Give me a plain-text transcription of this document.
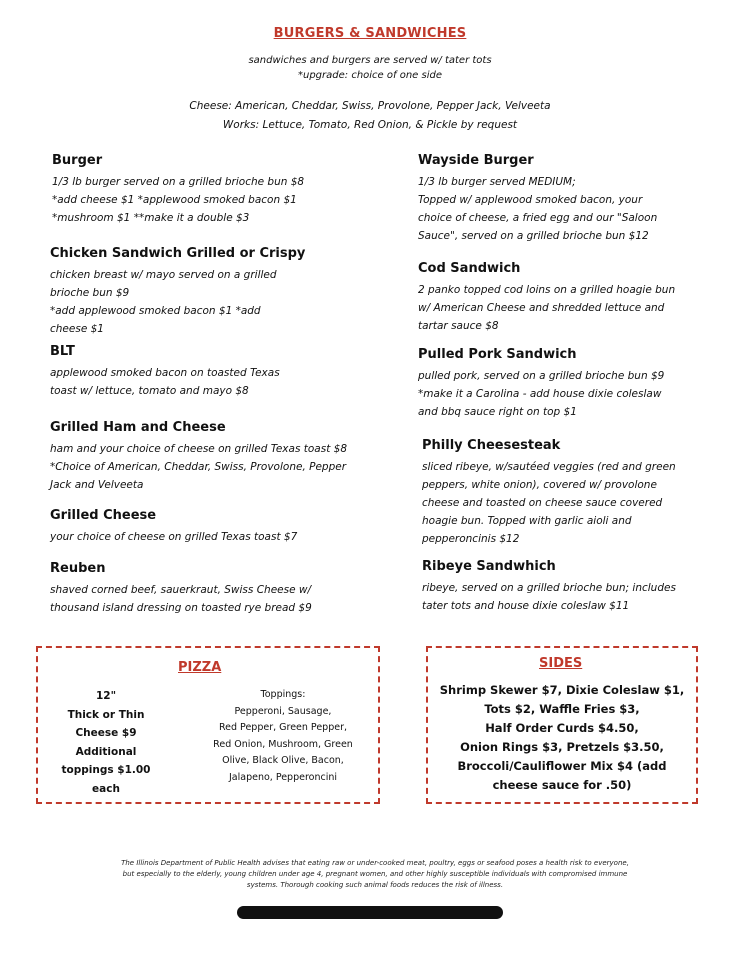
BURGERS & SANDWICHES
sandwiches and burgers are served w/ tater tots
*upgrade: choice of one side
Cheese: American, Cheddar, Swiss, Provolone, Pepper Jack, Velveeta
Works: Lettuce, Tomato, Red Onion, & Pickle by request
Burger
1/3 lb burger served on a grilled brioche bun $8
*add cheese $1 *applewood smoked bacon $1
*mushroom $1 **make it a double $3
Chicken Sandwich Grilled or Crispy
chicken breast w/ mayo served on a grilled
brioche bun $9
*add applewood smoked bacon $1 *add
cheese $1
BLT
applewood smoked bacon on toasted Texas
toast w/ lettuce, tomato and mayo $8
Grilled Ham and Cheese
ham and your choice of cheese on grilled Texas toast $8
*Choice of American, Cheddar, Swiss, Provolone, Pepper
Jack and Velveeta
Grilled Cheese
your choice of cheese on grilled Texas toast $7
Reuben
shaved corned beef, sauerkraut, Swiss Cheese w/
thousand island dressing on toasted rye bread $9
Wayside Burger
1/3 lb burger served MEDIUM;
Topped w/ applewood smoked bacon, your
choice of cheese, a fried egg and our "Saloon
Sauce", served on a grilled brioche bun $12
Cod Sandwich
2 panko topped cod loins on a grilled hoagie bun
w/ American Cheese and shredded lettuce and
tartar sauce $8
Pulled Pork Sandwich
pulled pork, served on a grilled brioche bun $9
*make it a Carolina - add house dixie coleslaw
and bbq sauce right on top $1
Philly Cheesesteak
sliced ribeye, w/sautéed veggies (red and green
peppers, white onion), covered w/ provolone
cheese and toasted on cheese sauce covered
hoagie bun. Topped with garlic aioli and
pepperoncinis $12
Ribeye Sandwhich
ribeye, served on a grilled brioche bun; includes
tater tots and house dixie coleslaw $11
PIZZA
12"
Thick or Thin
Cheese $9
Additional
toppings $1.00
each
Toppings:
Pepperoni, Sausage,
Red Pepper, Green Pepper,
Red Onion, Mushroom, Green
Olive, Black Olive, Bacon,
Jalapeno, Pepperoncini
SIDES
Shrimp Skewer $7, Dixie Coleslaw $1,
Tots $2, Waffle Fries $3,
Half Order Curds $4.50,
Onion Rings $3, Pretzels $3.50,
Broccoli/Cauliflower Mix $4 (add
cheese sauce for .50)
The Illinois Department of Public Health advises that eating raw or under-cooked meat, poultry, eggs or seafood poses a health risk to everyone,
but especially to the elderly, young children under age 4, pregnant women, and other highly susceptible individuals with compromised immune
systems. Thorough cooking such animal foods reduces the risk of illness.
